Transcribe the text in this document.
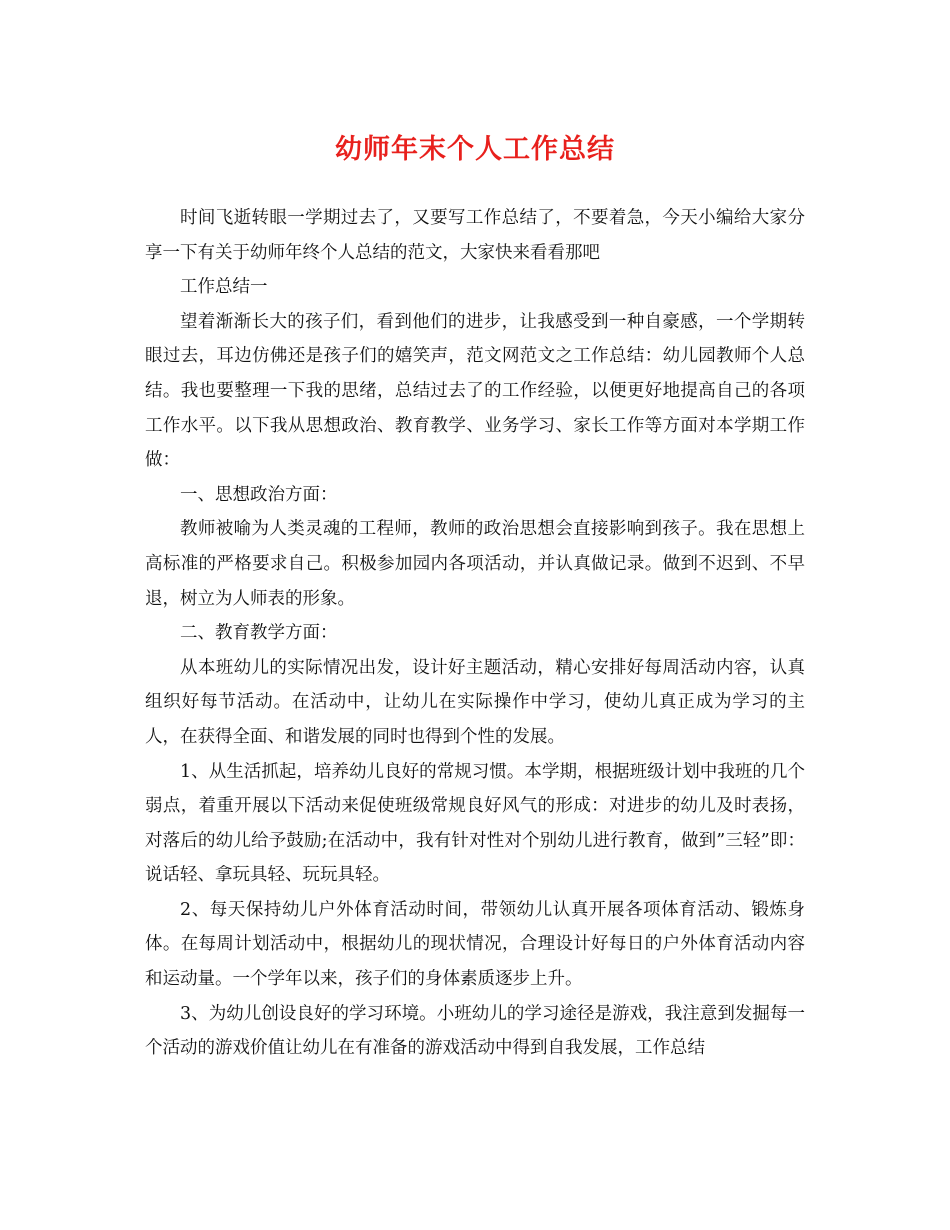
幼师年末个人工作总结

时间飞逝转眼一学期过去了，又要写工作总结了，不要着急，今天小编给大家分享一下有关于幼师年终个人总结的范文，大家快来看看那吧

工作总结一

望着渐渐长大的孩子们，看到他们的进步，让我感受到一种自豪感，一个学期转眼过去，耳边仿佛还是孩子们的嬉笑声，范文网范文之工作总结：幼儿园教师个人总结。我也要整理一下我的思绪，总结过去了的工作经验，以便更好地提高自己的各项工作水平。以下我从思想政治、教育教学、业务学习、家长工作等方面对本学期工作做：

一、思想政治方面：

教师被喻为人类灵魂的工程师，教师的政治思想会直接影响到孩子。我在思想上高标准的严格要求自己。积极参加园内各项活动，并认真做记录。做到不迟到、不早退，树立为人师表的形象。

二、教育教学方面：

从本班幼儿的实际情况出发，设计好主题活动，精心安排好每周活动内容，认真组织好每节活动。在活动中，让幼儿在实际操作中学习，使幼儿真正成为学习的主人，在获得全面、和谐发展的同时也得到个性的发展。

1、从生活抓起，培养幼儿良好的常规习惯。本学期，根据班级计划中我班的几个弱点，着重开展以下活动来促使班级常规良好风气的形成：对进步的幼儿及时表扬，对落后的幼儿给予鼓励;在活动中，我有针对性对个别幼儿进行教育，做到”三轻”即：说话轻、拿玩具轻、玩玩具轻。

2、每天保持幼儿户外体育活动时间，带领幼儿认真开展各项体育活动、锻炼身体。在每周计划活动中，根据幼儿的现状情况，合理设计好每日的户外体育活动内容和运动量。一个学年以来，孩子们的身体素质逐步上升。

3、为幼儿创设良好的学习环境。小班幼儿的学习途径是游戏，我注意到发掘每一个活动的游戏价值让幼儿在有准备的游戏活动中得到自我发展，工作总结
